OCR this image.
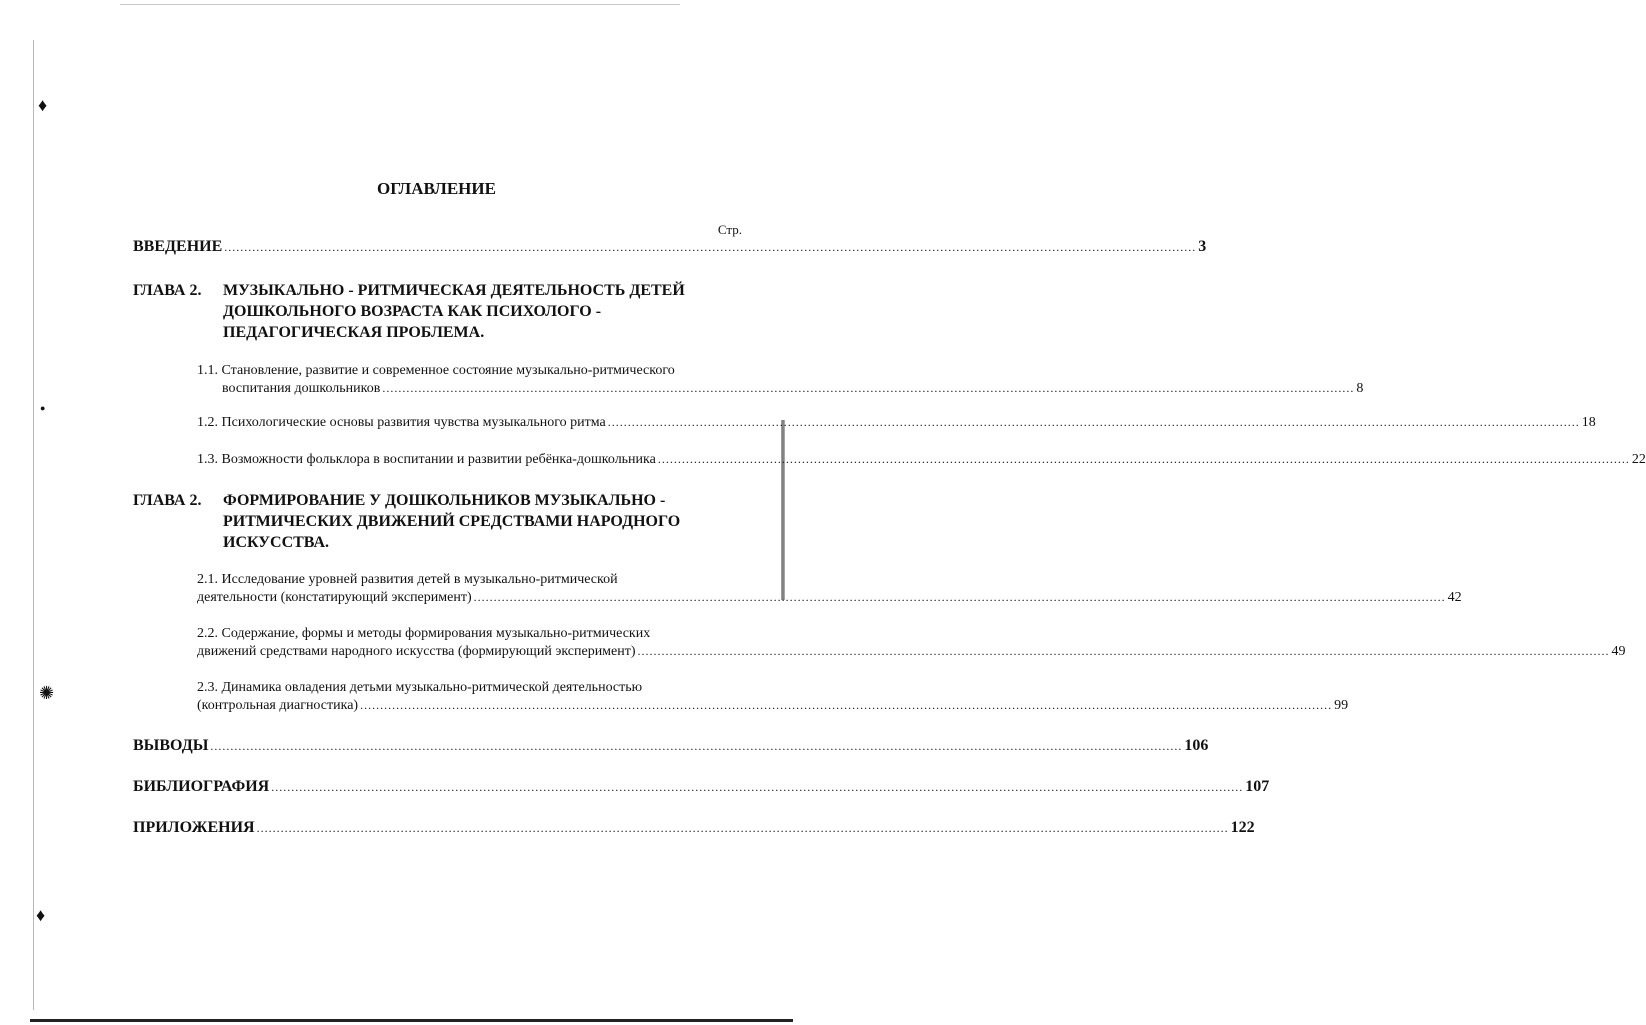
♦
●
✺
♦
ОГЛАВЛЕНИЕ
Стр.
ВВЕДЕНИЕ ................................................................................................................................................................................................................................................... 3
ГЛАВА 2. МУЗЫКАЛЬНО - РИТМИЧЕСКАЯ ДЕЯТЕЛЬНОСТЬ ДЕТЕЙ ДОШКОЛЬНОГО ВОЗРАСТА КАК ПСИХОЛОГО - ПЕДАГОГИЧЕСКАЯ ПРОБЛЕМА.
1.1. Становление, развитие и современное состояние музыкально-ритмического
воспитания дошкольников ................................................................................................................................................................................................................................................... 8
1.2. Психологические основы развития чувства музыкального ритма ................................................................................................................................................................................................................................................... 18
1.3. Возможности фольклора в воспитании и развитии ребёнка-дошкольника ................................................................................................................................................................................................................................................... 22
ГЛАВА 2. ФОРМИРОВАНИЕ У ДОШКОЛЬНИКОВ МУЗЫКАЛЬНО - РИТМИЧЕСКИХ ДВИЖЕНИЙ СРЕДСТВАМИ НАРОДНОГО ИСКУССТВА.
2.1. Исследование уровней развития детей в музыкально-ритмической
деятельности (констатирующий эксперимент) ................................................................................................................................................................................................................................................... 42
2.2. Содержание, формы и методы формирования музыкально-ритмических
движений средствами народного искусства (формирующий эксперимент) ................................................................................................................................................................................................................................................... 49
2.3. Динамика овладения детьми музыкально-ритмической деятельностью
(контрольная диагностика) ................................................................................................................................................................................................................................................... 99
ВЫВОДЫ ................................................................................................................................................................................................................................................... 106
БИБЛИОГРАФИЯ ................................................................................................................................................................................................................................................... 107
ПРИЛОЖЕНИЯ ................................................................................................................................................................................................................................................... 122
